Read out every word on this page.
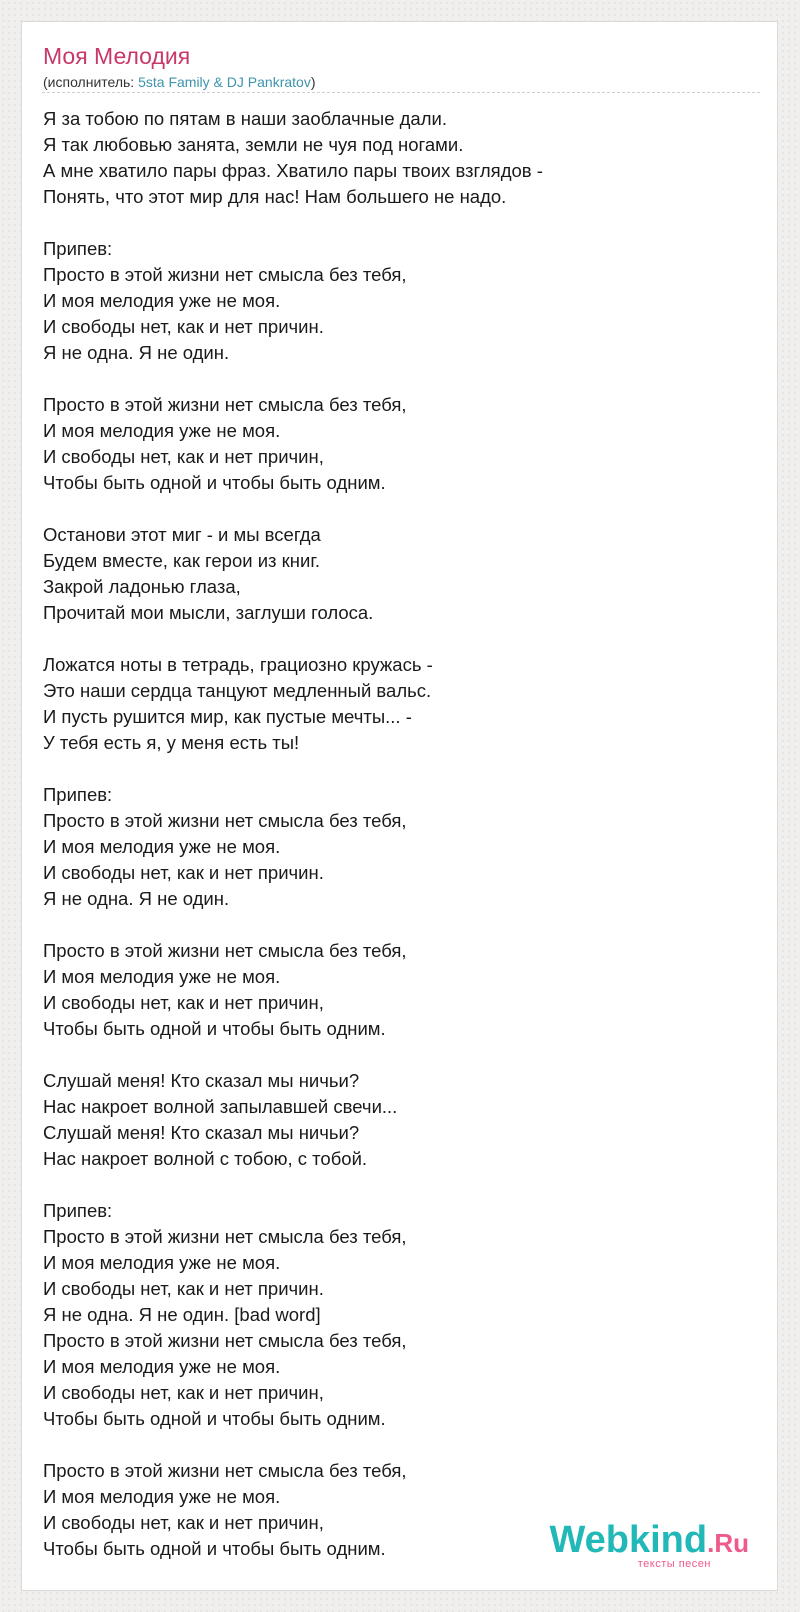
Моя Мелодия
(исполнитель: 5sta Family & DJ Pankratov)
Я за тобою по пятам в наши заоблачные дали.
Я так любовью занята, земли не чуя под ногами.
А мне хватило пары фраз. Хватило пары твоих взглядов -
Понять, что этот мир для нас! Нам большего не надо.

Припев:
Просто в этой жизни нет смысла без тебя,
И моя мелодия уже не моя.
И свободы нет, как и нет причин.
Я не одна. Я не один.

Просто в этой жизни нет смысла без тебя,
И моя мелодия уже не моя.
И свободы нет, как и нет причин,
Чтобы быть одной и чтобы быть одним.

Останови этот миг - и мы всегда
Будем вместе, как герои из книг.
Закрой ладонью глаза,
Прочитай мои мысли, заглуши голоса.

Ложатся ноты в тетрадь, грациозно кружась -
Это наши сердца танцуют медленный вальс.
И пусть рушится мир, как пустые мечты... -
У тебя есть я, у меня есть ты!

Припев:
Просто в этой жизни нет смысла без тебя,
И моя мелодия уже не моя.
И свободы нет, как и нет причин.
Я не одна. Я не один.

Просто в этой жизни нет смысла без тебя,
И моя мелодия уже не моя.
И свободы нет, как и нет причин,
Чтобы быть одной и чтобы быть одним.

Слушай меня! Кто сказал мы ничьи?
Нас накроет волной запылавшей свечи...
Слушай меня! Кто сказал мы ничьи?
Нас накроет волной с тобою, с тобой.

Припев:
Просто в этой жизни нет смысла без тебя,
И моя мелодия уже не моя.
И свободы нет, как и нет причин.
Я не одна. Я не один. [bad word]
Просто в этой жизни нет смысла без тебя,
И моя мелодия уже не моя.
И свободы нет, как и нет причин,
Чтобы быть одной и чтобы быть одним.

Просто в этой жизни нет смысла без тебя,
И моя мелодия уже не моя.
И свободы нет, как и нет причин,
Чтобы быть одной и чтобы быть одним.	Webkind.Ru
тексты песен
